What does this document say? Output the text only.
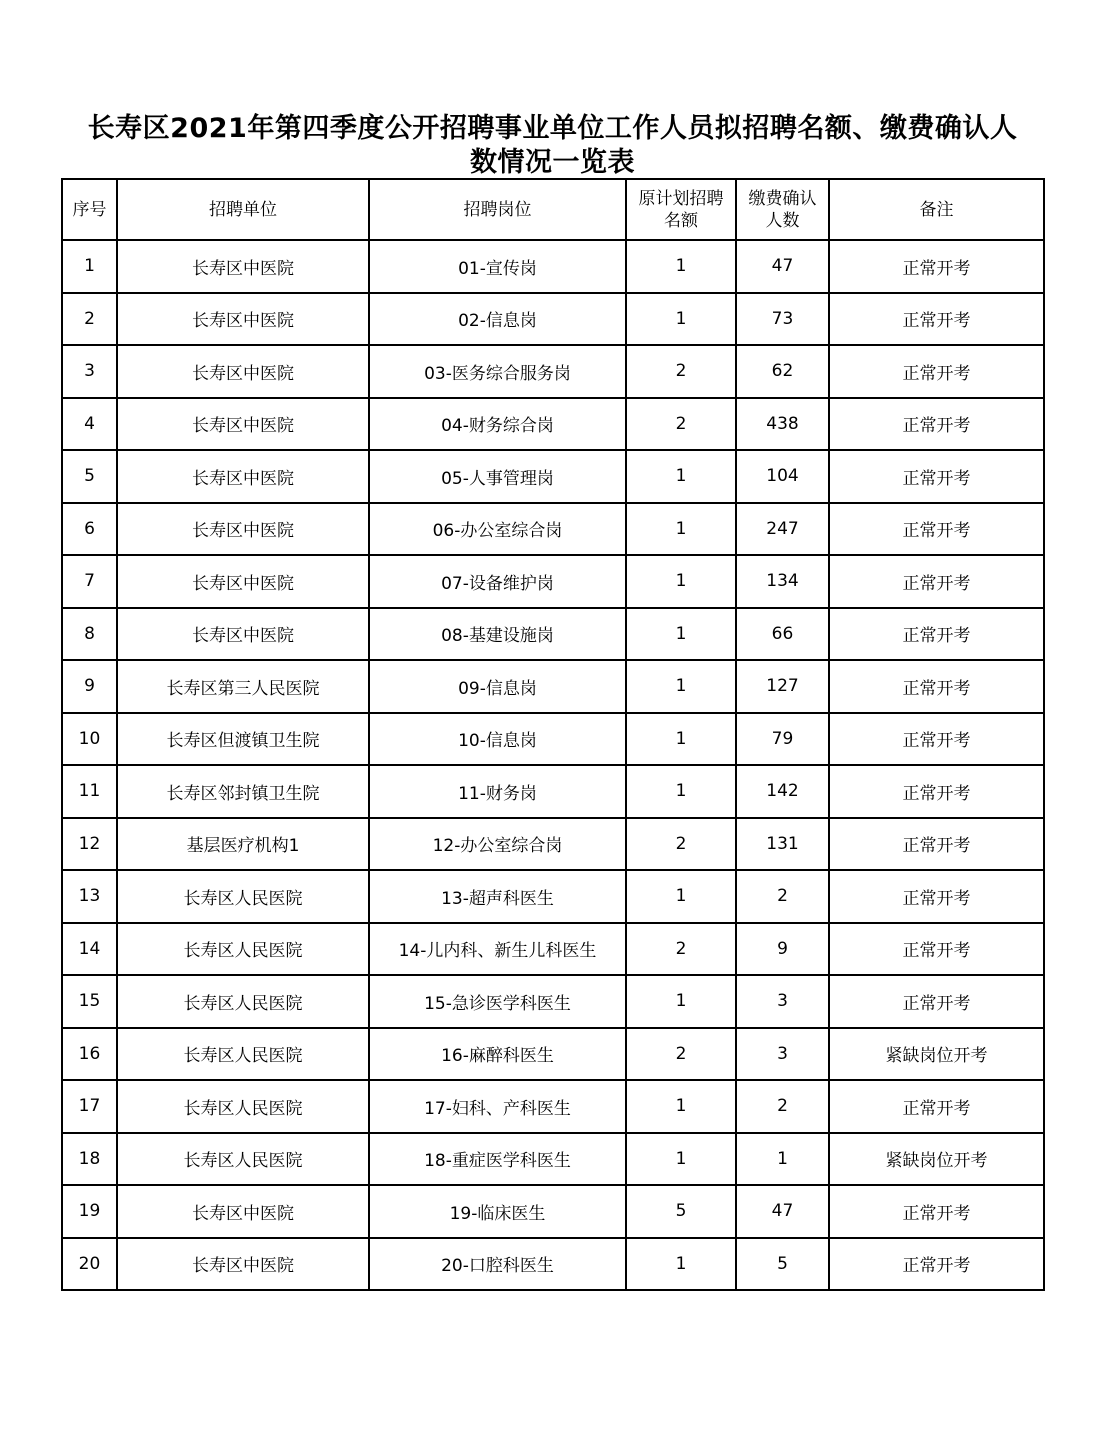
长寿区2021年第四季度公开招聘事业单位工作人员拟招聘名额、缴费确认人
数情况一览表
序号	招聘单位	招聘岗位	原计划招聘名额	缴费确认人数	备注
1	长寿区中医院	01-宣传岗	1	47	正常开考
2	长寿区中医院	02-信息岗	1	73	正常开考
3	长寿区中医院	03-医务综合服务岗	2	62	正常开考
4	长寿区中医院	04-财务综合岗	2	438	正常开考
5	长寿区中医院	05-人事管理岗	1	104	正常开考
6	长寿区中医院	06-办公室综合岗	1	247	正常开考
7	长寿区中医院	07-设备维护岗	1	134	正常开考
8	长寿区中医院	08-基建设施岗	1	66	正常开考
9	长寿区第三人民医院	09-信息岗	1	127	正常开考
10	长寿区但渡镇卫生院	10-信息岗	1	79	正常开考
11	长寿区邻封镇卫生院	11-财务岗	1	142	正常开考
12	基层医疗机构1	12-办公室综合岗	2	131	正常开考
13	长寿区人民医院	13-超声科医生	1	2	正常开考
14	长寿区人民医院	14-儿内科、新生儿科医生	2	9	正常开考
15	长寿区人民医院	15-急诊医学科医生	1	3	正常开考
16	长寿区人民医院	16-麻醉科医生	2	3	紧缺岗位开考
17	长寿区人民医院	17-妇科、产科医生	1	2	正常开考
18	长寿区人民医院	18-重症医学科医生	1	1	紧缺岗位开考
19	长寿区中医院	19-临床医生	5	47	正常开考
20	长寿区中医院	20-口腔科医生	1	5	正常开考
